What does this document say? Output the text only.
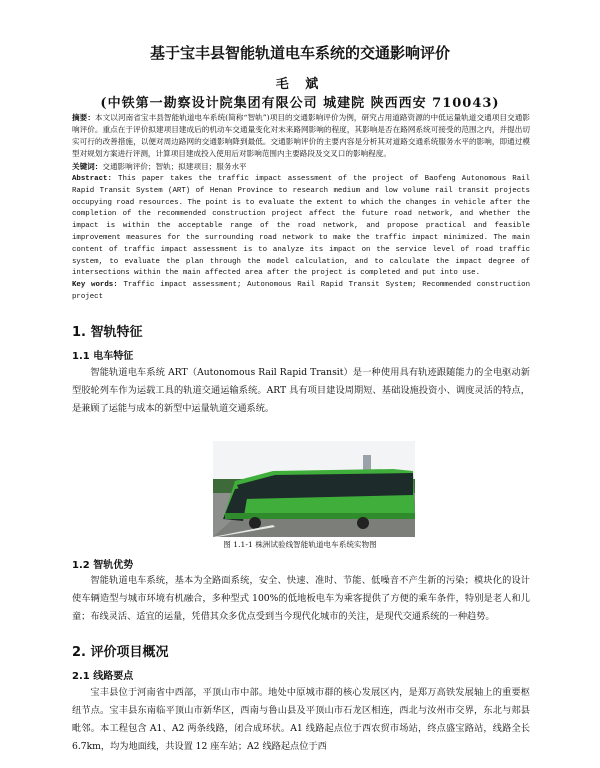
基于宝丰县智能轨道电车系统的交通影响评价
毛 斌
(中铁第一勘察设计院集团有限公司 城建院 陕西西安 710043)
摘要：本文以河南省宝丰县智能轨道电车系统(简称“智轨”)项目的交通影响评价为例，研究占用道路资源的中低运量轨道交通项目交通影响评价。重点在于评价拟建项目建成后的机动车交通量变化对未来路网影响的程度，其影响是否在路网系统可接受的范围之内，并提出切实可行的改善措施，以便对周边路网的交通影响降到最低。交通影响评价的主要内容是分析其对道路交通系统服务水平的影响，即通过模型对规划方案进行评测，计算项目建成投入使用后对影响范围内主要路段及交叉口的影响程度。
关键词：交通影响评价；智轨；拟建项目；服务水平
Abstract: This paper takes the traffic impact assessment of the project of Baofeng Autonomous Rail Rapid Transit System (ART) of Henan Province to research medium and low volume rail transit projects occupying road resources. The point is to evaluate the extent to which the changes in vehicle after the completion of the recommended construction project affect the future road network, and whether the impact is within the acceptable range of the road network, and propose practical and feasible improvement measures for the surrounding road network to make the traffic impact minimized. The main content of traffic impact assessment is to analyze its impact on the service level of road traffic system, to evaluate the plan through the model calculation, and to calculate the impact degree of intersections within the main affected area after the project is completed and put into use.
Key words: Traffic impact assessment; Autonomous Rail Rapid Transit System; Recommended construction project
1. 智轨特征
1.1 电车特征
智能轨道电车系统 ART（Autonomous Rail Rapid Transit）是一种使用具有轨迹跟随能力的全电驱动新型胶轮列车作为运载工具的轨道交通运输系统。ART 具有项目建设周期短、基础设施投资小、调度灵活的特点，是兼顾了运能与成本的新型中运量轨道交通系统。
图 1.1-1 株洲试验线智能轨道电车系统实物图
1.2 智轨优势
智能轨道电车系统，基本为全路面系统，安全、快速、准时、节能、低噪音不产生新的污染；模块化的设计使车辆造型与城市环境有机融合，多种型式 100%的低地板电车为乘客提供了方便的乘车条件，特别是老人和儿童；布线灵活、适宜的运量，凭借其众多优点受到当今现代化城市的关注，是现代交通系统的一种趋势。
2. 评价项目概况
2.1 线路要点
宝丰县位于河南省中西部，平顶山市中部。地处中原城市群的核心发展区内，是郑万高铁发展轴上的重要枢纽节点。宝丰县东南临平顶山市新华区，西南与鲁山县及平顶山市石龙区相连，西北与汝州市交界，东北与郏县毗邻。本工程包含 A1、A2 两条线路，闭合成环状。A1 线路起点位于西农贸市场站，终点盛宝路站，线路全长 6.7km，均为地面线，共设置 12 座车站；A2 线路起点位于西
